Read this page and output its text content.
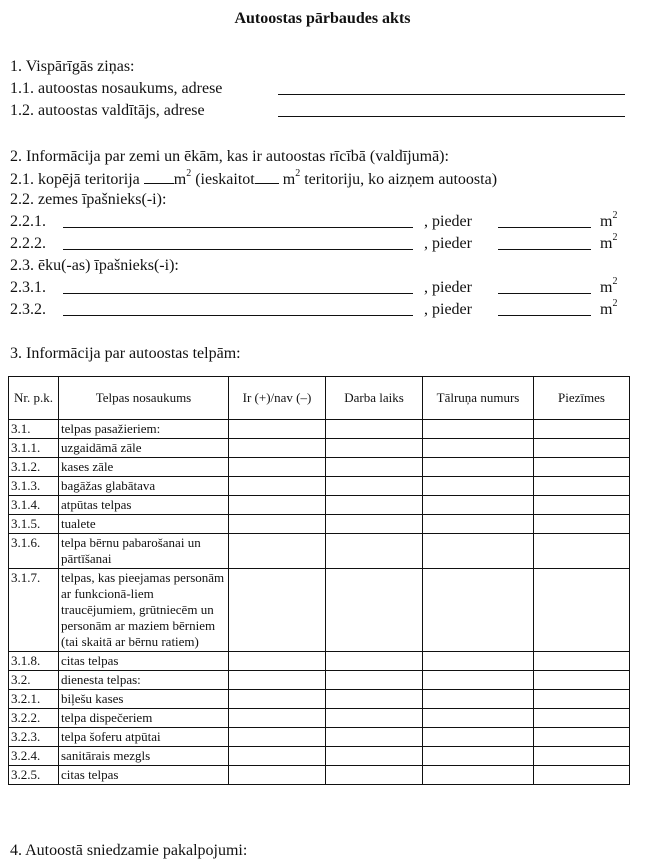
Autoostas pārbaudes akts
1. Vispārīgās ziņas:
1.1. autoostas nosaukums, adrese
1.2. autoostas valdītājs, adrese
2. Informācija par zemi un ēkām, kas ir autoostas rīcībā (valdījumā):
2.1. kopējā teritorija $m^2$ (ieskaitot $m^2$ teritoriju, ko aizņem autoosta)
2.2. zemes īpašnieks(-i):
2.2.1.	, pieder	$m^2$
2.2.2.	, pieder	$m^2$
2.3. ēku(-as) īpašnieks(-i):
2.3.1.	, pieder	$m^2$
2.3.2.	, pieder	$m^2$
3. Informācija par autoostas telpām:
Nr. p.k.	Telpas nosaukums	Ir (+)/nav (–)	Darba laiks	Tālruņa numurs	Piezīmes
3.1.	telpas pasažieriem:				
3.1.1.	uzgaidāmā zāle				
3.1.2.	kases zāle				
3.1.3.	bagāžas glabātava				
3.1.4.	atpūtas telpas				
3.1.5.	tualete				
3.1.6.	telpa bērnu pabarošanai un pārtīšanai				
3.1.7.	telpas, kas pieejamas personām ar funkcionā-liem traucējumiem, grūtniecēm un personām ar maziem bērniem (tai skaitā ar bērnu ratiem)				
3.1.8.	citas telpas				
3.2.	dienesta telpas:				
3.2.1.	biļešu kases				
3.2.2.	telpa dispečeriem				
3.2.3.	telpa šoferu atpūtai				
3.2.4.	sanitārais mezgls				
3.2.5.	citas telpas				
4. Autoostā sniedzamie pakalpojumi:
